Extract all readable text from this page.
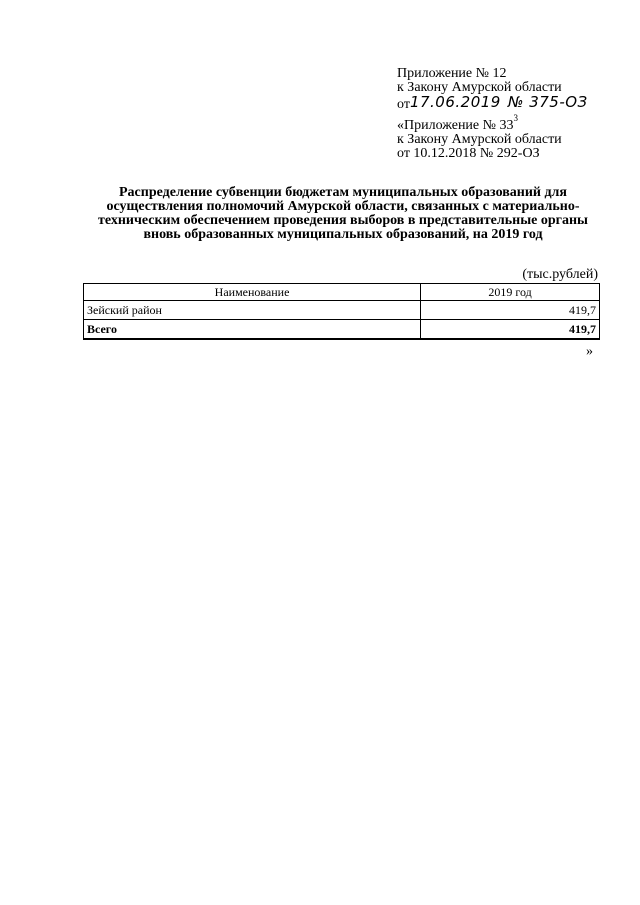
Приложение № 12
к Закону Амурской области
от17.06.2019 № 375-ОЗ
«Приложение № $33^3$
к Закону Амурской области
от 10.12.2018 № 292-ОЗ
Распределение субвенции бюджетам муниципальных образований для осуществления полномочий Амурской области, связанных с материально-техническим обеспечением проведения выборов в представительные органы вновь образованных муниципальных образований, на 2019 год
(тыс.рублей)
Наименование	2019 год
Зейский район	419,7
Всего	419,7
»
